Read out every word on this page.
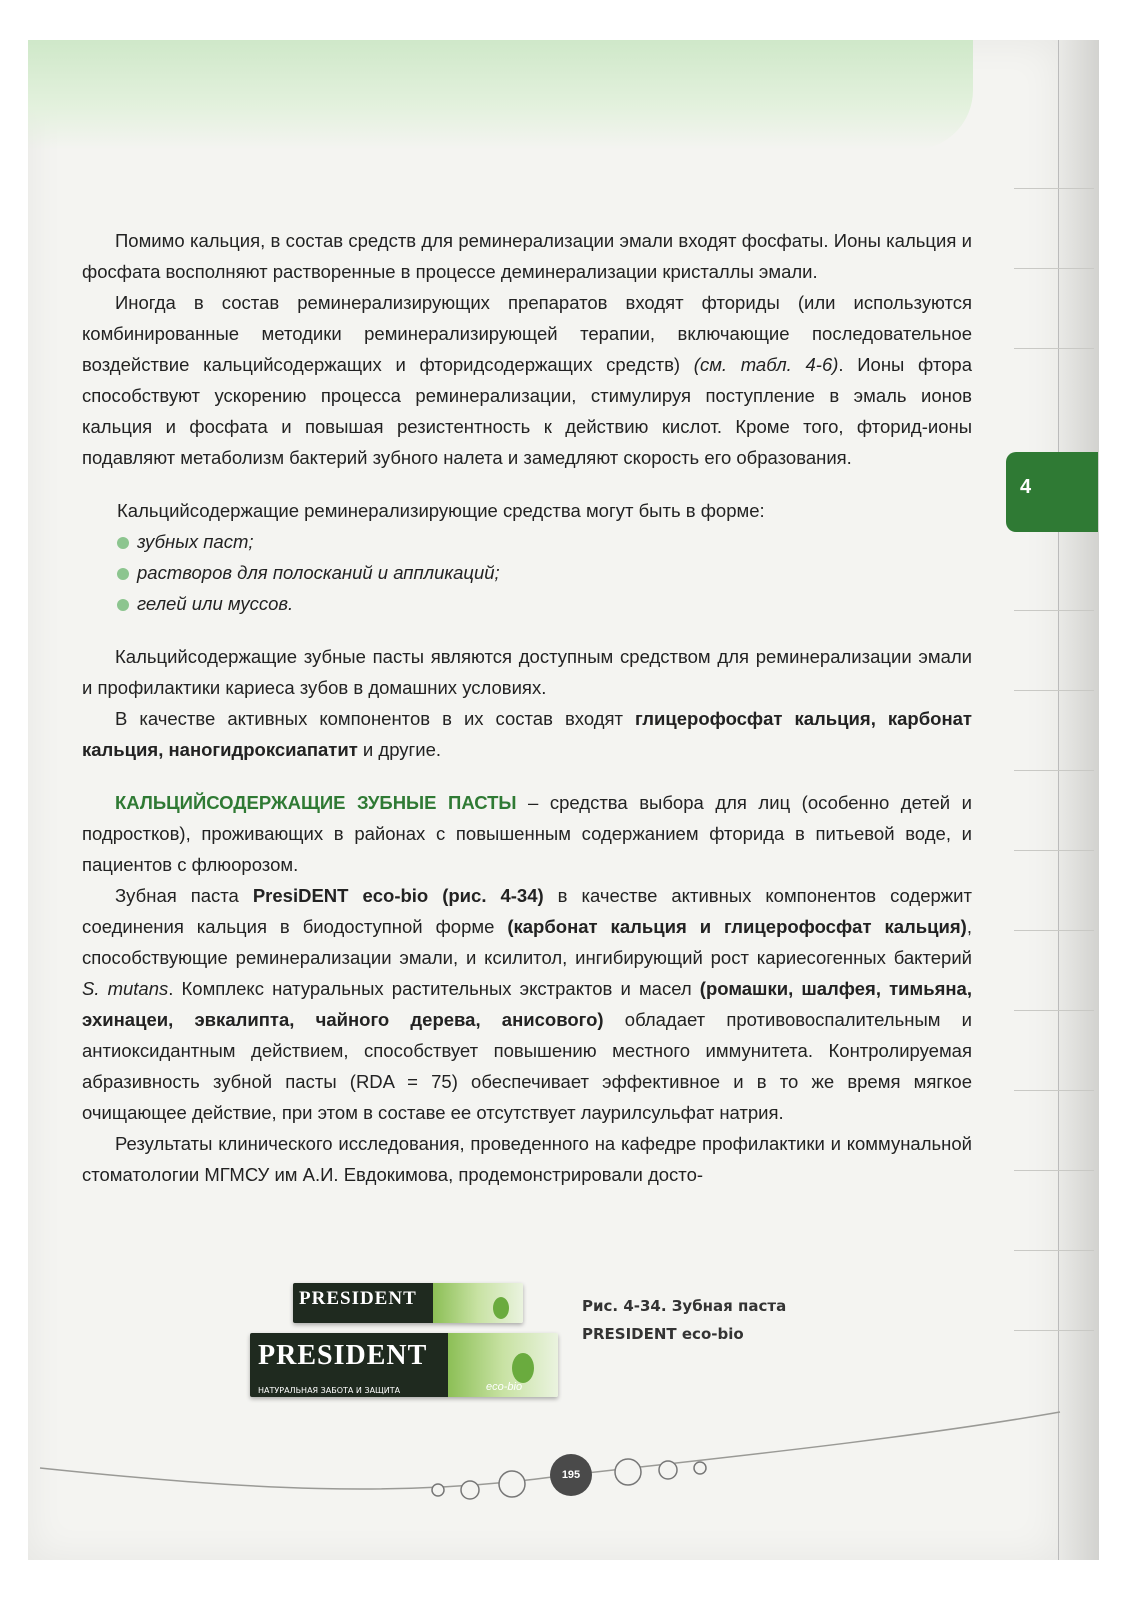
4

Помимо кальция, в состав средств для реминерализации эмали входят фосфаты. Ионы кальция и фосфата восполняют растворенные в процессе деминерализации кристаллы эмали.

Иногда в состав реминерализирующих препаратов входят фториды (или используются комбинированные методики реминерализирующей терапии, включающие последовательное воздействие кальцийсодержащих и фторидсодержащих средств) (см. табл. 4-6). Ионы фтора способствуют ускорению процесса реминерализации, стимулируя поступление в эмаль ионов кальция и фосфата и повышая резистентность к действию кислот. Кроме того, фторид-ионы подавляют метаболизм бактерий зубного налета и замедляют скорость его образования.

Кальцийсодержащие реминерализирующие средства могут быть в форме:

зубных паст;
растворов для полосканий и аппликаций;
гелей или муссов.

Кальцийсодержащие зубные пасты являются доступным средством для реминерализации эмали и профилактики кариеса зубов в домашних условиях.

В качестве активных компонентов в их состав входят глицерофосфат кальция, карбонат кальция, наногидроксиапатит и другие.

КАЛЬЦИЙСОДЕРЖАЩИЕ ЗУБНЫЕ ПАСТЫ – средства выбора для лиц (особенно детей и подростков), проживающих в районах с повышенным содержанием фторида в питьевой воде, и пациентов с флюорозом.

Зубная паста PresiDENT eco-bio (рис. 4-34) в качестве активных компонентов содержит соединения кальция в биодоступной форме (карбонат кальция и глицерофосфат кальция), способствующие реминерализации эмали, и ксилитол, ингибирующий рост кариесогенных бактерий S. mutans. Комплекс натуральных растительных экстрактов и масел (ромашки, шалфея, тимьяна, эхинацеи, эвкалипта, чайного дерева, анисового) обладает противовоспалительным и антиоксидантным действием, способствует повышению местного иммунитета. Контролируемая абразивность зубной пасты (RDA = 75) обеспечивает эффективное и в то же время мягкое очищающее действие, при этом в составе ее отсутствует лаурилсульфат натрия.

Результаты клинического исследования, проведенного на кафедре профилактики и коммунальной стоматологии МГМСУ им А.И. Евдокимова, продемонстрировали досто-

PRESIDENT
PRESIDENT
НАТУРАЛЬНАЯ ЗАБОТА И ЗАЩИТА	eco-bio
Рис. 4-34. Зубная паста
PRESIDENT eco-bio
195
